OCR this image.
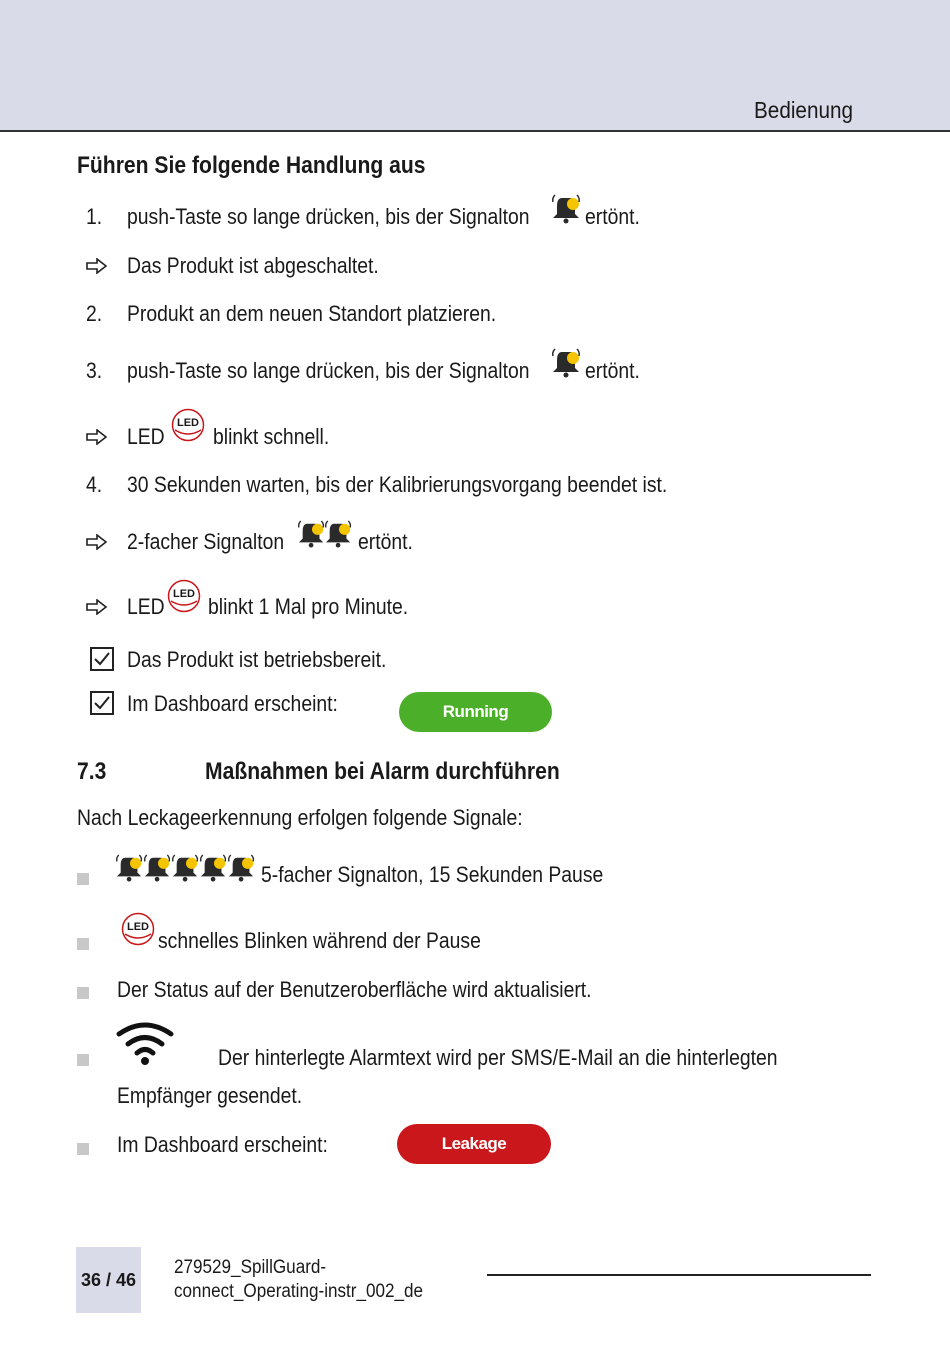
Bedienung
Führen Sie folgende Handlung aus
1. push-Taste so lange drücken, bis der Signalton	ertönt.
Das Produkt ist abgeschaltet.
2. Produkt an dem neuen Standort platzieren.
3. push-Taste so lange drücken, bis der Signalton	ertönt.
LED
LED
blinkt schnell.
4. 30 Sekunden warten, bis der Kalibrierungsvorgang beendet ist.
2-facher Signalton	ertönt.
LED LED blinkt 1 Mal pro Minute.
Das Produkt ist betriebsbereit.
Im Dashboard erscheint:	Running
7.3	Maßnahmen bei Alarm durchführen
Nach Leckageerkennung erfolgen folgende Signale:
5-facher Signalton, 15 Sekunden Pause
LED
schnelles Blinken während der Pause
Der Status auf der Benutzeroberfläche wird aktualisiert.
Der hinterlegte Alarmtext wird per SMS/E-Mail an die hinterlegten
Empfänger gesendet.
Im Dashboard erscheint:	Leakage
36 / 46
279529_SpillGuard-
connect_Operating-instr_002_de
